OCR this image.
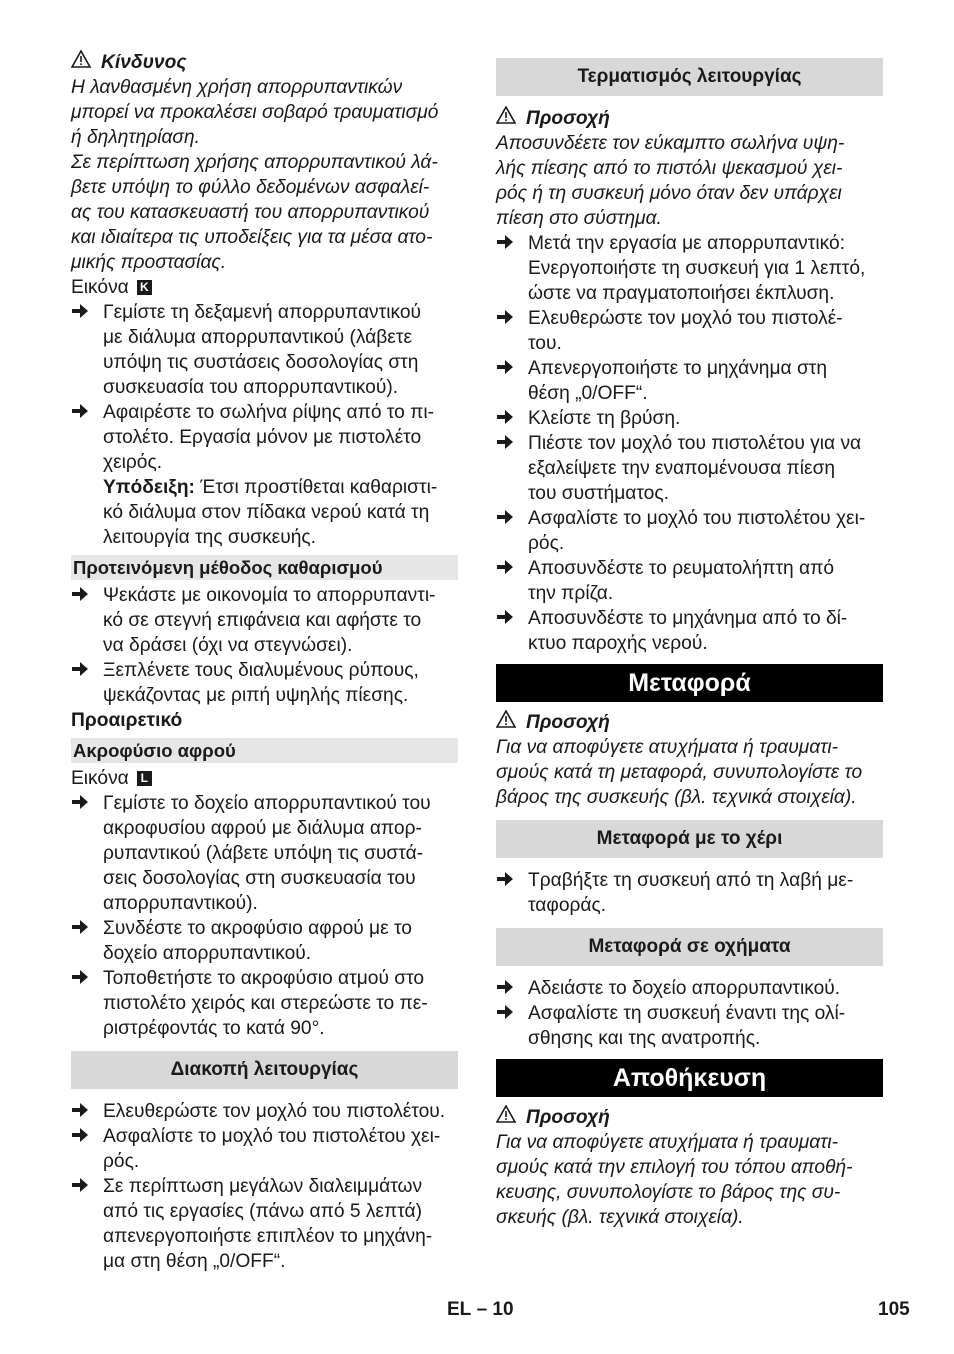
Κίνδυνος
Η λανθασμένη χρήση απορρυπαντικών
μπορεί να προκαλέσει σοβαρό τραυματισμό
ή δηλητηρίαση.
Σε περίπτωση χρήσης απορρυπαντικού λά-
βετε υπόψη το φύλλο δεδομένων ασφαλεί-
ας του κατασκευαστή του απορρυπαντικού
και ιδιαίτερα τις υποδείξεις για τα μέσα ατο-
μικής προστασίας.
Εικόνα K
Γεμίστε τη δεξαμενή απορρυπαντικού
με διάλυμα απορρυπαντικού (λάβετε
υπόψη τις συστάσεις δοσολογίας στη
συσκευασία του απορρυπαντικού).
Αφαιρέστε το σωλήνα ρίψης από το πι-
στολέτο. Εργασία μόνον με πιστολέτο
χειρός.
Υπόδειξη: Έτσι προστίθεται καθαριστι-
κό διάλυμα στον πίδακα νερού κατά τη
λειτουργία της συσκευής.
Προτεινόμενη μέθοδος καθαρισμού
Ψεκάστε με οικονομία το απορρυπαντι-
κό σε στεγνή επιφάνεια και αφήστε το
να δράσει (όχι να στεγνώσει).
Ξεπλένετε τους διαλυμένους ρύπους,
ψεκάζοντας με ριπή υψηλής πίεσης.
Προαιρετικό
Ακροφύσιο αφρού
Εικόνα L
Γεμίστε το δοχείο απορρυπαντικού του
ακροφυσίου αφρού με διάλυμα απορ-
ρυπαντικού (λάβετε υπόψη τις συστά-
σεις δοσολογίας στη συσκευασία του
απορρυπαντικού).
Συνδέστε το ακροφύσιο αφρού με το
δοχείο απορρυπαντικού.
Τοποθετήστε το ακροφύσιο ατμού στο
πιστολέτο χειρός και στερεώστε το πε-
ριστρέφοντάς το κατά 90°.
Διακοπή λειτουργίας
Ελευθερώστε τον μοχλό του πιστολέτου.
Ασφαλίστε το μοχλό του πιστολέτου χει-
ρός.
Σε περίπτωση μεγάλων διαλειμμάτων
από τις εργασίες (πάνω από 5 λεπτά)
απενεργοποιήστε επιπλέον το μηχάνη-
μα στη θέση „0/OFF“.
Τερματισμός λειτουργίας
Προσοχή
Αποσυνδέετε τον εύκαμπτο σωλήνα υψη-
λής πίεσης από το πιστόλι ψεκασμού χει-
ρός ή τη συσκευή μόνο όταν δεν υπάρχει
πίεση στο σύστημα.
Μετά την εργασία με απορρυπαντικό:
Ενεργοποιήστε τη συσκευή για 1 λεπτό,
ώστε να πραγματοποιήσει έκπλυση.
Ελευθερώστε τον μοχλό του πιστολέ-
του.
Απενεργοποιήστε το μηχάνημα στη
θέση „0/OFF“.
Κλείστε τη βρύση.
Πιέστε τον μοχλό του πιστολέτου για να
εξαλείψετε την εναπομένουσα πίεση
του συστήματος.
Ασφαλίστε το μοχλό του πιστολέτου χει-
ρός.
Αποσυνδέστε το ρευματολήπτη από
την πρίζα.
Αποσυνδέστε το μηχάνημα από το δί-
κτυο παροχής νερού.
Μεταφορά
Προσοχή
Για να αποφύγετε ατυχήματα ή τραυματι-
σμούς κατά τη μεταφορά, συνυπολογίστε το
βάρος της συσκευής (βλ. τεχνικά στοιχεία).
Μεταφορά με το χέρι
Τραβήξτε τη συσκευή από τη λαβή με-
ταφοράς.
Μεταφορά σε οχήματα
Αδειάστε το δοχείο απορρυπαντικού.
Ασφαλίστε τη συσκευή έναντι της ολί-
σθησης και της ανατροπής.
Αποθήκευση
Προσοχή
Για να αποφύγετε ατυχήματα ή τραυματι-
σμούς κατά την επιλογή του τόπου αποθή-
κευσης, συνυπολογίστε το βάρος της συ-
σκευής (βλ. τεχνικά στοιχεία).
EL – 10	105
